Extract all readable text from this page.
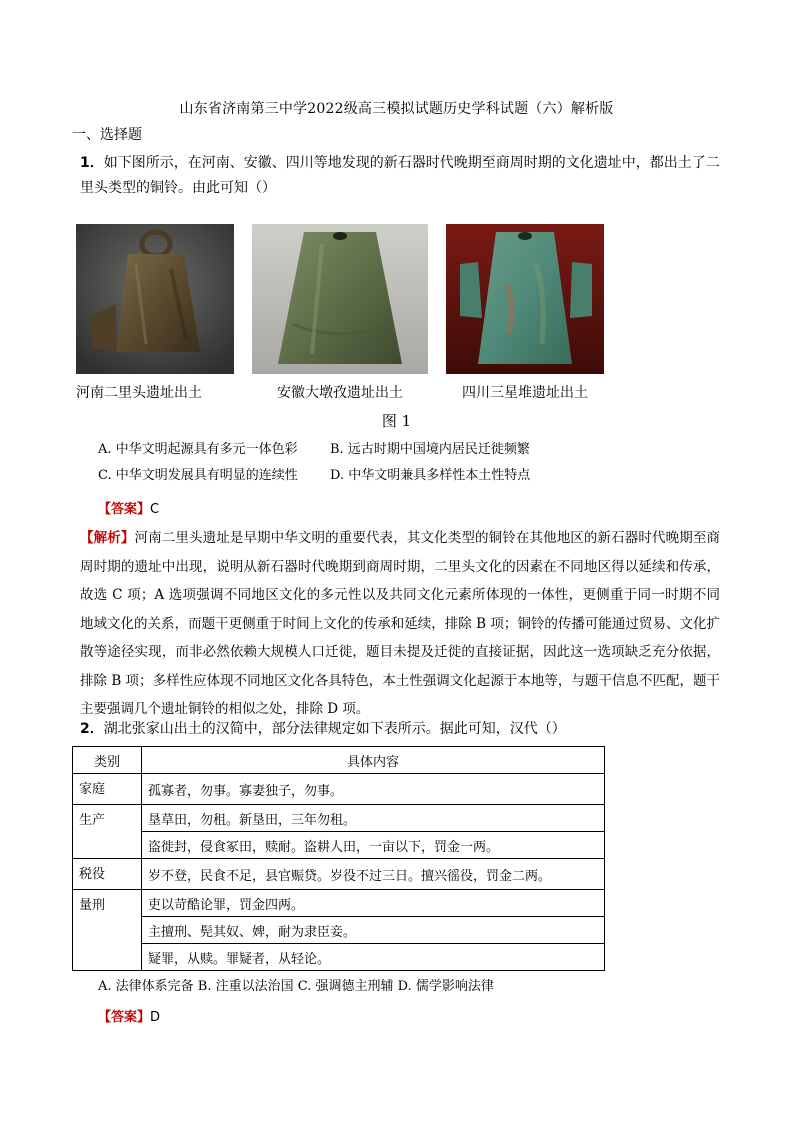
山东省济南第三中学2022级高三模拟试题历史学科试题（六）解析版
一、选择题
1．如下图所示，在河南、安徽、四川等地发现的新石器时代晚期至商周时期的文化遗址中，都出土了二
里头类型的铜铃。由此可知（）
河南二里头遗址出土	安徽大墩孜遗址出土	四川三星堆遗址出土
图 1
A. 中华文明起源具有多元一体色彩 B. 远古时期中国境内居民迁徙频繁
C. 中华文明发展具有明显的连续性 D. 中华文明兼具多样性本土性特点
【答案】C
【解析】河南二里头遗址是早期中华文明的重要代表，其文化类型的铜铃在其他地区的新石器时代晚期至商周时期的遗址中出现，说明从新石器时代晚期到商周时期，二里头文化的因素在不同地区得以延续和传承，故选 C 项；A 选项强调不同地区文化的多元性以及共同文化元素所体现的一体性，更侧重于同一时期不同地域文化的关系，而题干更侧重于时间上文化的传承和延续，排除 B 项；铜铃的传播可能通过贸易、文化扩散等途径实现，而非必然依赖大规模人口迁徙，题目未提及迁徙的直接证据，因此这一选项缺乏充分依据，排除 B 项；多样性应体现不同地区文化各具特色，本土性强调文化起源于本地等，与题干信息不匹配，题干主要强调几个遗址铜铃的相似之处，排除 D 项。
2．湖北张家山出土的汉简中，部分法律规定如下表所示。据此可知，汉代（）
类别	具体内容
家庭	孤寡者，勿事。寡妻独子，勿事。
生产	垦草田，勿租。新垦田，三年勿租。
	盗徙封，侵食冢田，赎耐。盗耕人田，一亩以下，罚金一两。
税役	岁不登，民食不足，县官赈贷。岁役不过三日。擅兴徭役，罚金二两。
量刑	吏以苛酷论罪，罚金四两。
	主擅刑、髡其奴、婢，耐为隶臣妾。
	疑罪，从赎。罪疑者，从轻论。
A. 法律体系完备 B. 注重以法治国 C. 强调德主刑辅 D. 儒学影响法律
【答案】D
